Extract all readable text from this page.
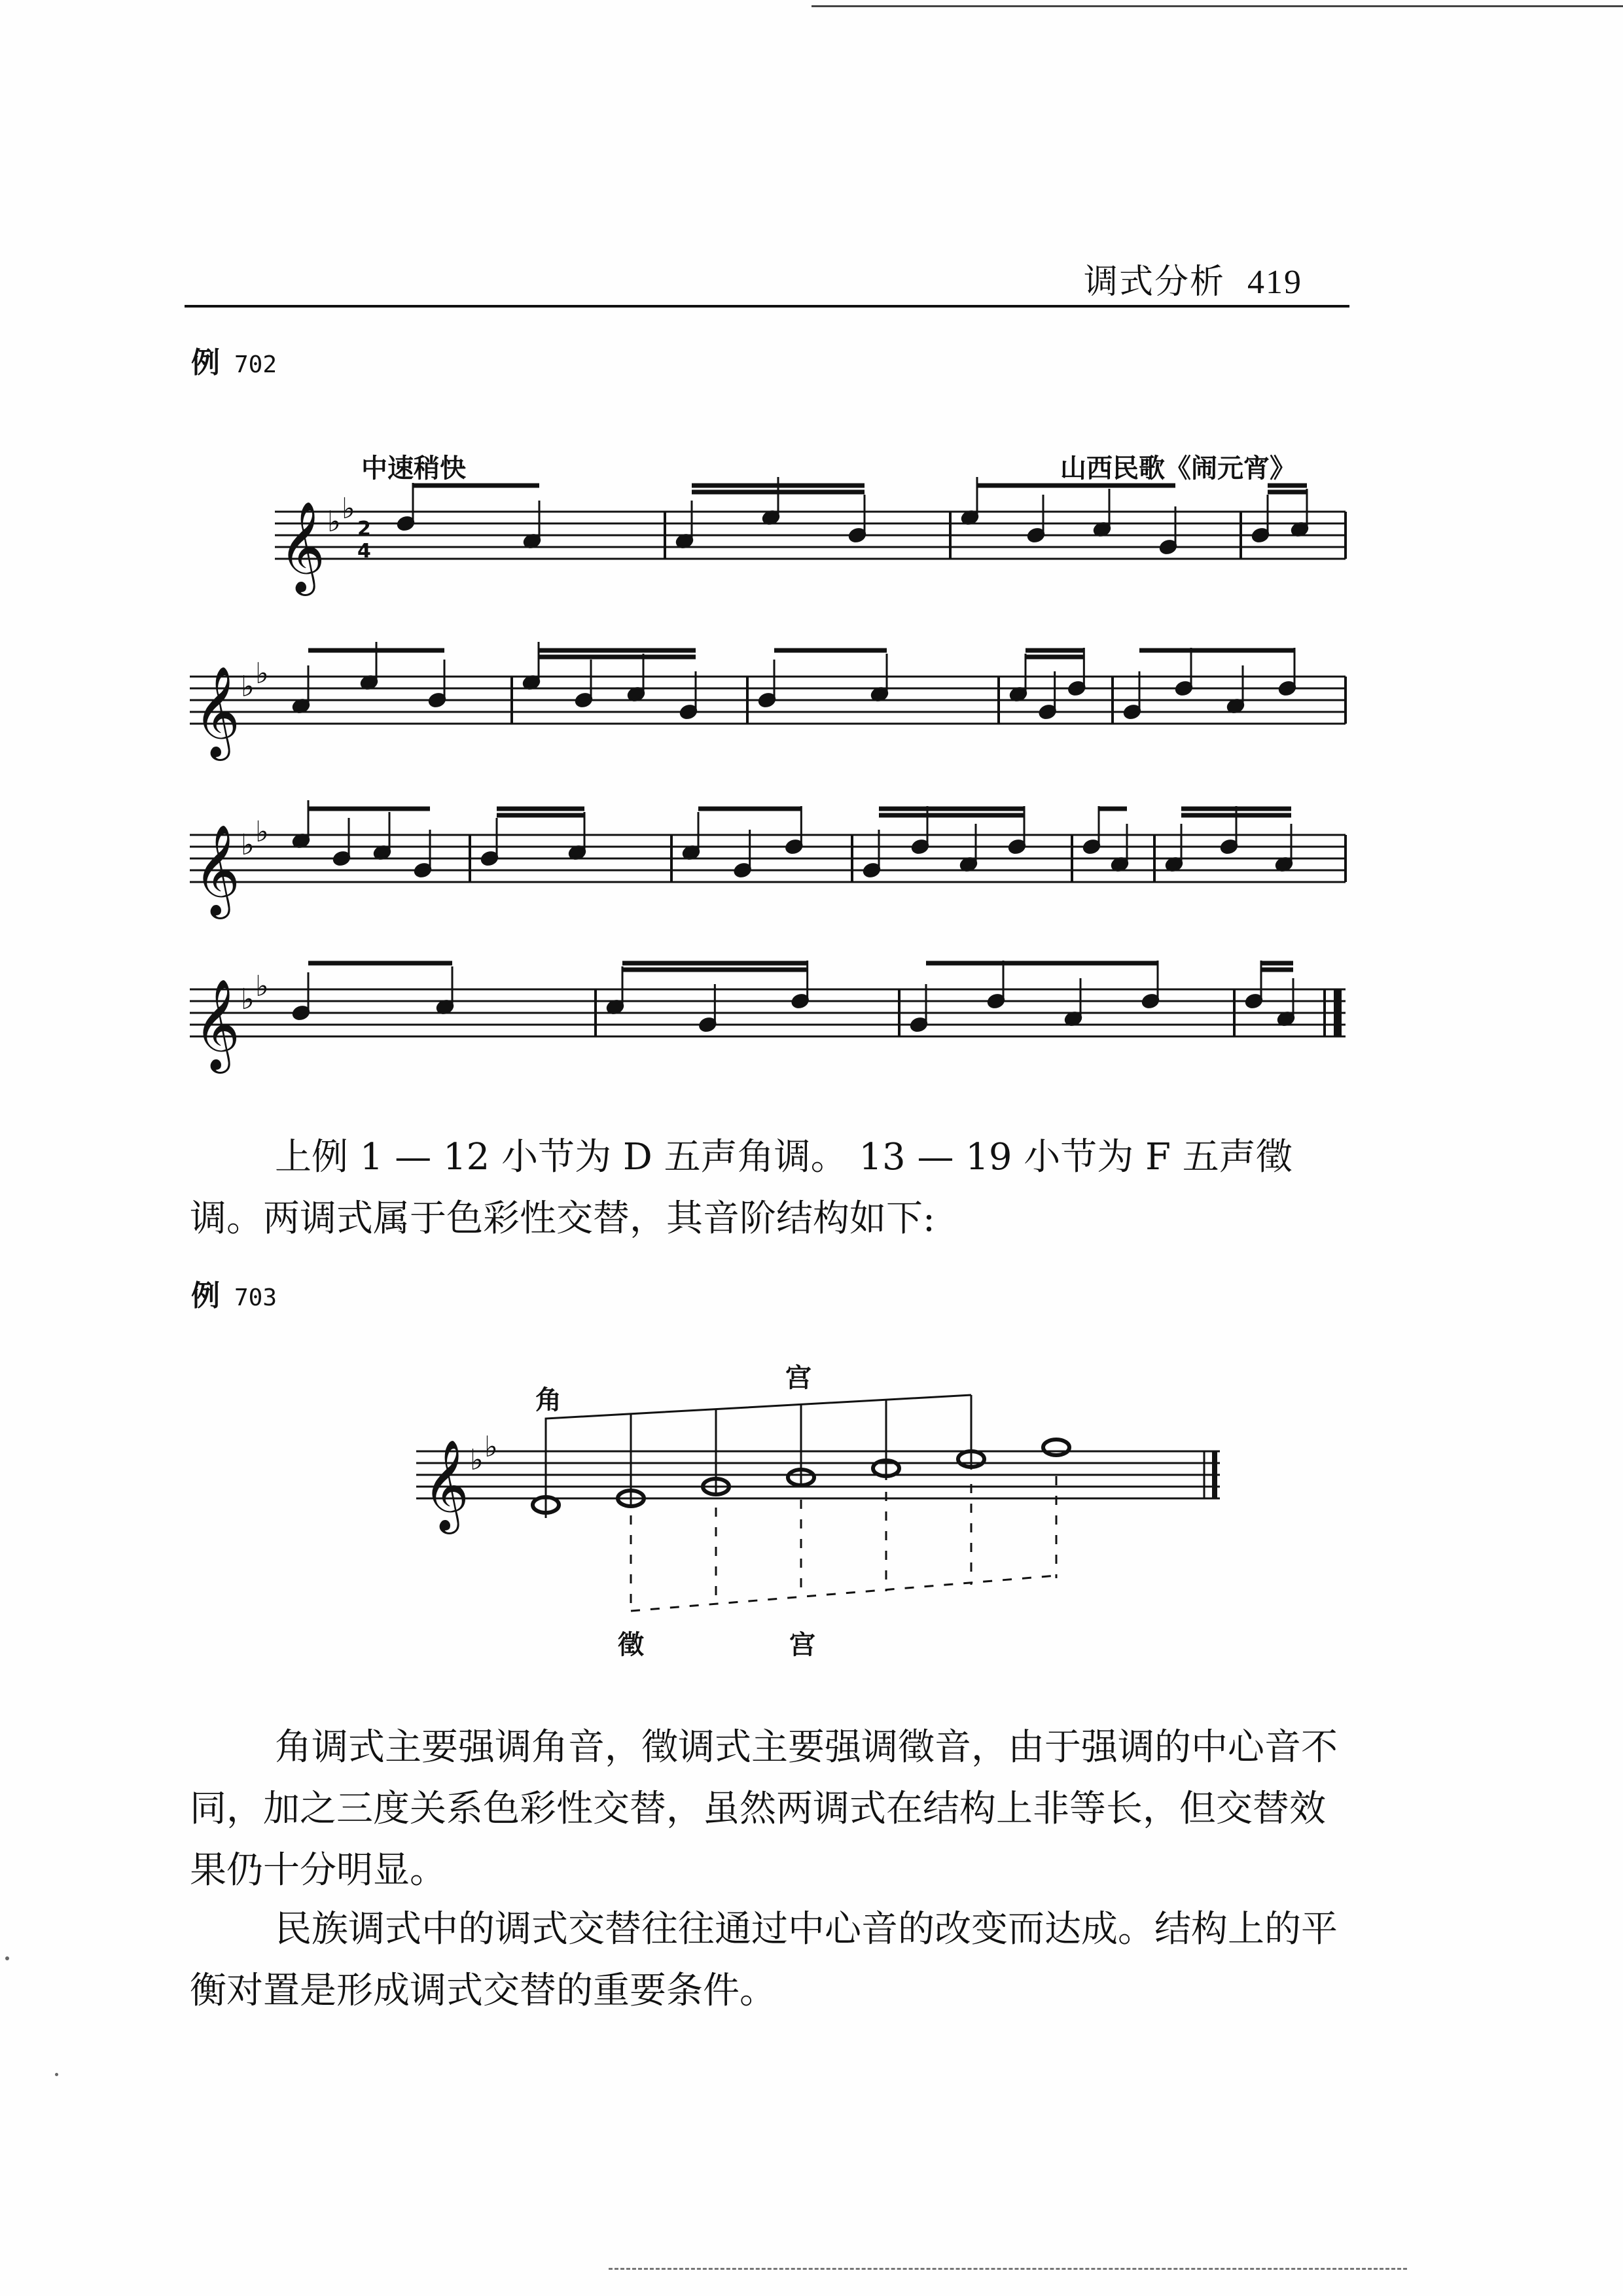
调式分析 419
例 702
中速稍快	山西民歌《闹元宵》
𝄞 ♭ ♭
2
4
𝄞 ♭ ♭
𝄞 ♭ ♭
𝄞 ♭ ♭
𝄞 ♭ ♭
例 703
角
宫
徵	宫

上例 1 — 12 小节为 D 五声角调。 13 — 19 小节为 F 五声徵调。两调式属于色彩性交替，其音阶结构如下:

角调式主要强调角音，徵调式主要强调徵音，由于强调的中心音不同，加之三度关系色彩性交替，虽然两调式在结构上非等长，但交替效果仍十分明显。

民族调式中的调式交替往往通过中心音的改变而达成。结构上的平衡对置是形成调式交替的重要条件。
